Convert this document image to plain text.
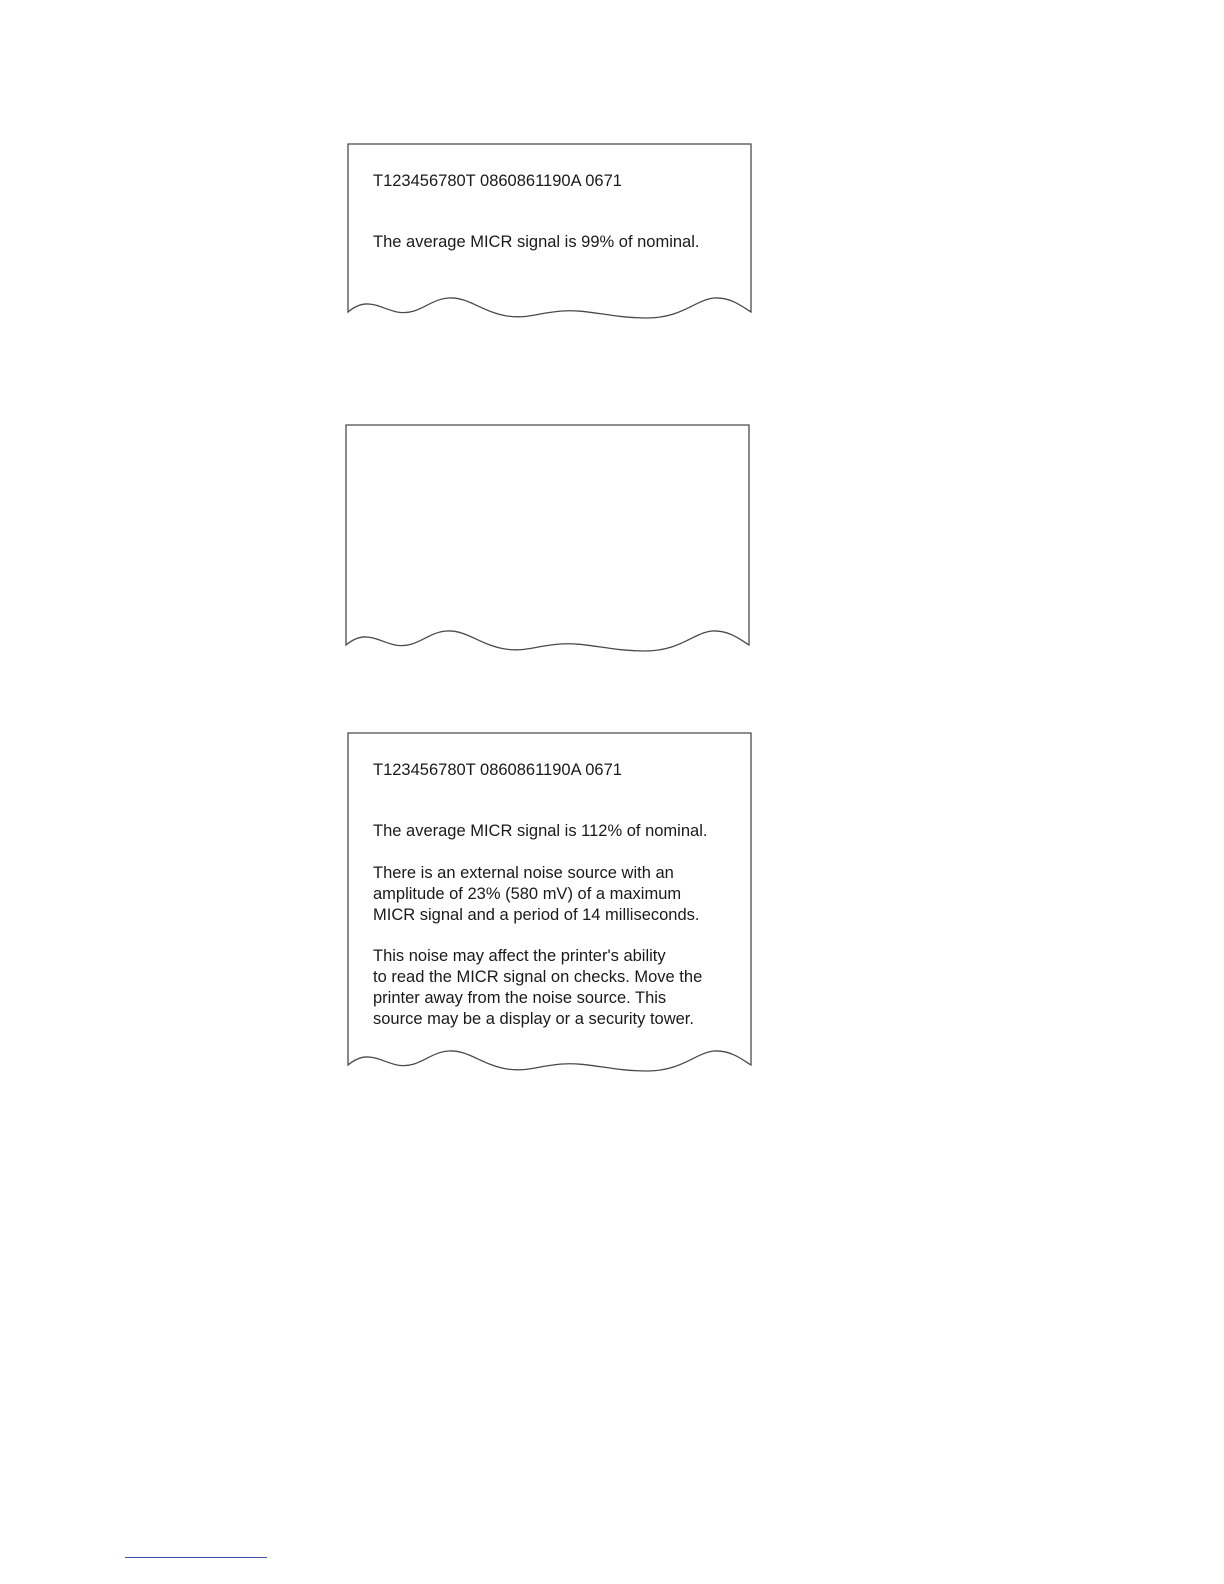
T123456780T 0860861190A 0671
The average MICR signal is 99% of nominal.
T123456780T 0860861190A 0671
The average MICR signal is 112% of nominal.
There is an external noise source with an
amplitude of 23% (580 mV) of a maximum
MICR signal and a period of 14 milliseconds.
This noise may affect the printer's ability
to read the MICR signal on checks. Move the
printer away from the noise source. This
source may be a display or a security tower.
